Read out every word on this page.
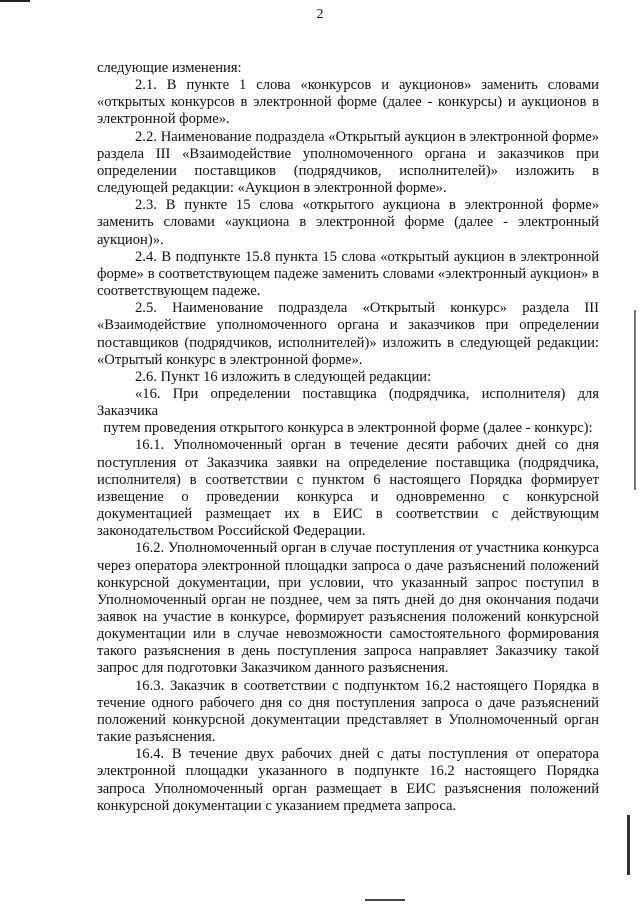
2

следующие изменения:

2.1. В пункте 1 слова «конкурсов и аукционов» заменить словами «открытых конкурсов в электронной форме (далее - конкурсы) и аукционов в электронной форме».

2.2. Наименование подраздела «Открытый аукцион в электронной форме» раздела III «Взаимодействие уполномоченного органа и заказчиков при определении поставщиков (подрядчиков, исполнителей)» изложить в следующей редакции: «Аукцион в электронной форме».

2.3. В пункте 15 слова «открытого аукциона в электронной форме» заменить словами «аукциона в электронной форме (далее - электронный аукцион)».

2.4. В подпункте 15.8 пункта 15 слова «открытый аукцион в электронной форме» в соответствующем падеже заменить словами «электронный аукцион» в соответствующем падеже.

2.5. Наименование подраздела «Открытый конкурс» раздела III «Взаимодействие уполномоченного органа и заказчиков при определении поставщиков (подрядчиков, исполнителей)» изложить в следующей редакции: «Отрытый конкурс в электронной форме».

2.6. Пункт 16 изложить в следующей редакции:

«16. При определении поставщика (подрядчика, исполнителя) для Заказчика

путем проведения открытого конкурса в электронной форме (далее - конкурс):

16.1. Уполномоченный орган в течение десяти рабочих дней со дня поступления от Заказчика заявки на определение поставщика (подрядчика, исполнителя) в соответствии с пунктом 6 настоящего Порядка формирует извещение о проведении конкурса и одновременно с конкурсной документацией размещает их в ЕИС в соответствии с действующим законодательством Российской Федерации.

16.2. Уполномоченный орган в случае поступления от участника конкурса через оператора электронной площадки запроса о даче разъяснений положений конкурсной документации, при условии, что указанный запрос поступил в Уполномоченный орган не позднее, чем за пять дней до дня окончания подачи заявок на участие в конкурсе, формирует разъяснения положений конкурсной документации или в случае невозможности самостоятельного формирования такого разъяснения в день поступления запроса направляет Заказчику такой запрос для подготовки Заказчиком данного разъяснения.

16.3. Заказчик в соответствии с подпунктом 16.2 настоящего Порядка в течение одного рабочего дня со дня поступления запроса о даче разъяснений положений конкурсной документации представляет в Уполномоченный орган такие разъяснения.

16.4. В течение двух рабочих дней с даты поступления от оператора электронной площадки указанного в подпункте 16.2 настоящего Порядка запроса Уполномоченный орган размещает в ЕИС разъяснения положений конкурсной документации с указанием предмета запроса.
